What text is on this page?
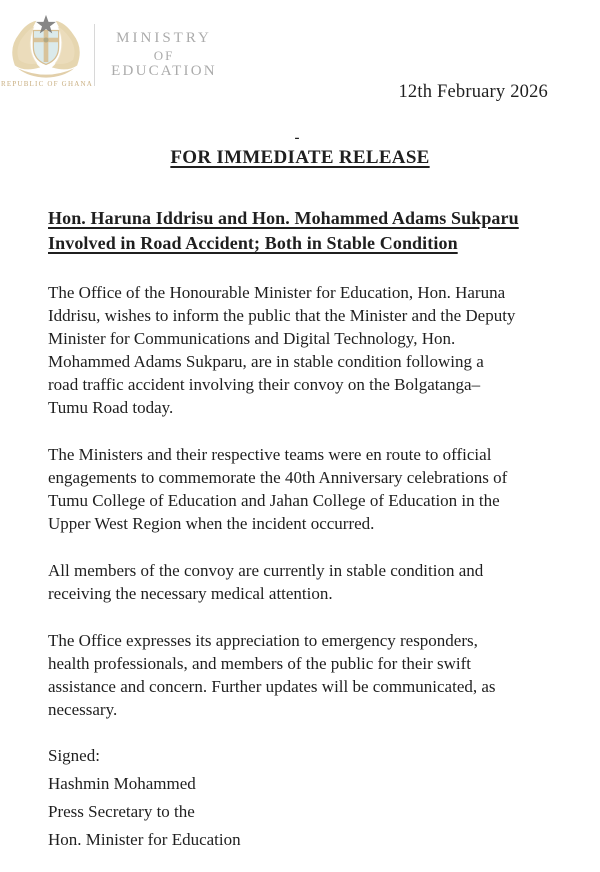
REPUBLIC OF GHANA
MINISTRY
OF
EDUCATION
12th February 2026
-
FOR IMMEDIATE RELEASE
Hon. Haruna Iddrisu and Hon. Mohammed Adams Sukparu
Involved in Road Accident; Both in Stable Condition

The Office of the Honourable Minister for Education, Hon. Haruna
Iddrisu, wishes to inform the public that the Minister and the Deputy
Minister for Communications and Digital Technology, Hon.
Mohammed Adams Sukparu, are in stable condition following a
road traffic accident involving their convoy on the Bolgatanga–
Tumu Road today.

The Ministers and their respective teams were en route to official
engagements to commemorate the 40th Anniversary celebrations of
Tumu College of Education and Jahan College of Education in the
Upper West Region when the incident occurred.

All members of the convoy are currently in stable condition and
receiving the necessary medical attention.

The Office expresses its appreciation to emergency responders,
health professionals, and members of the public for their swift
assistance and concern. Further updates will be communicated, as
necessary.

Signed:

Hashmin Mohammed

Press Secretary to the

Hon. Minister for Education
